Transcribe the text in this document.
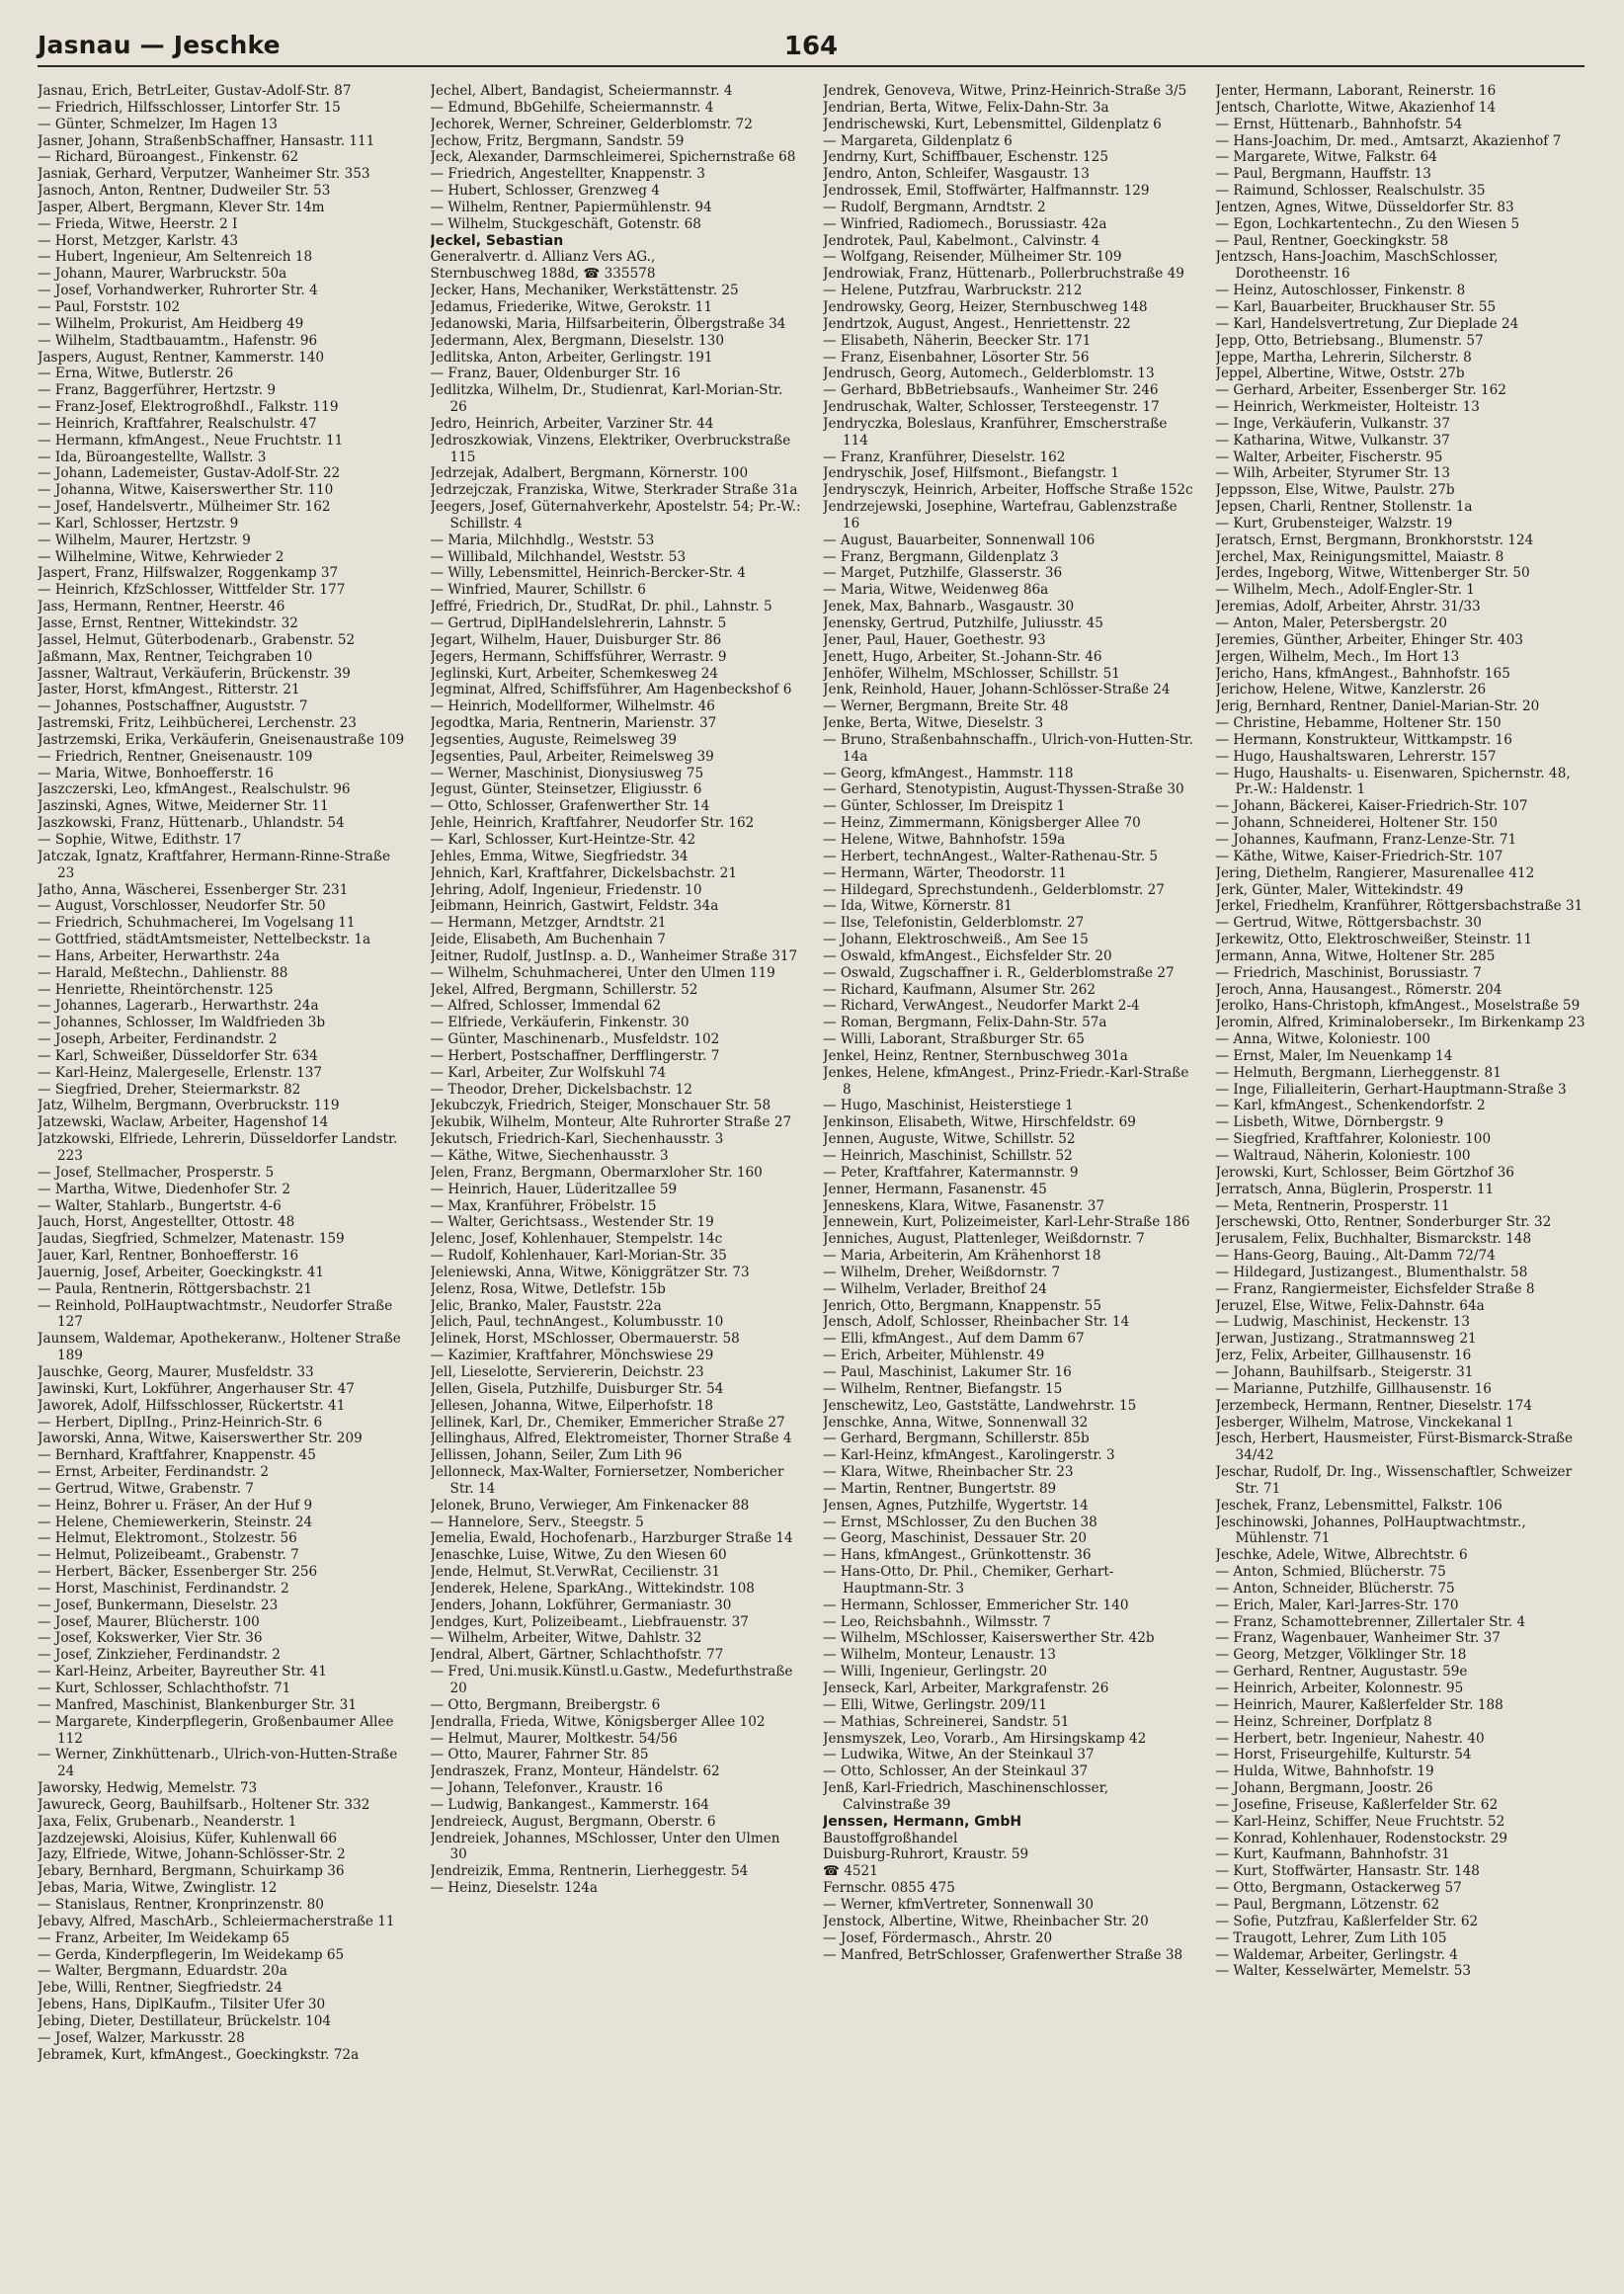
Jasnau — Jeschke	164
Jasnau, Erich, BetrLeiter, Gustav-Adolf-Str. 87
— Friedrich, Hilfsschlosser, Lintorfer Str. 15
— Günter, Schmelzer, Im Hagen 13
Jasner, Johann, StraßenbSchaffner, Hansastr. 111
— Richard, Büroangest., Finkenstr. 62
Jasniak, Gerhard, Verputzer, Wanheimer Str. 353
Jasnoch, Anton, Rentner, Dudweiler Str. 53
Jasper, Albert, Bergmann, Klever Str. 14m
— Frieda, Witwe, Heerstr. 2 I
— Horst, Metzger, Karlstr. 43
— Hubert, Ingenieur, Am Seltenreich 18
— Johann, Maurer, Warbruckstr. 50a
— Josef, Vorhandwerker, Ruhrorter Str. 4
— Paul, Forststr. 102
— Wilhelm, Prokurist, Am Heidberg 49
— Wilhelm, Stadtbauamtm., Hafenstr. 96
Jaspers, August, Rentner, Kammerstr. 140
— Erna, Witwe, Butlerstr. 26
— Franz, Baggerführer, Hertzstr. 9
— Franz-Josef, ElektrogroßhdI., Falkstr. 119
— Heinrich, Kraftfahrer, Realschulstr. 47
— Hermann, kfmAngest., Neue Fruchtstr. 11
— Ida, Büroangestellte, Wallstr. 3
— Johann, Lademeister, Gustav-Adolf-Str. 22
— Johanna, Witwe, Kaiserswerther Str. 110
— Josef, Handelsvertr., Mülheimer Str. 162
— Karl, Schlosser, Hertzstr. 9
— Wilhelm, Maurer, Hertzstr. 9
— Wilhelmine, Witwe, Kehrwieder 2
Jaspert, Franz, Hilfswalzer, Roggenkamp 37
— Heinrich, KfzSchlosser, Wittfelder Str. 177
Jass, Hermann, Rentner, Heerstr. 46
Jasse, Ernst, Rentner, Wittekindstr. 32
Jassel, Helmut, Güterbodenarb., Grabenstr. 52
Jaßmann, Max, Rentner, Teichgraben 10
Jassner, Waltraut, Verkäuferin, Brückenstr. 39
Jaster, Horst, kfmAngest., Ritterstr. 21
— Johannes, Postschaffner, Auguststr. 7
Jastremski, Fritz, Leihbücherei, Lerchenstr. 23
Jastrzemski, Erika, Verkäuferin, Gneisenaustraße 109
— Friedrich, Rentner, Gneisenaustr. 109
— Maria, Witwe, Bonhoefferstr. 16
Jaszczerski, Leo, kfmAngest., Realschulstr. 96
Jaszinski, Agnes, Witwe, Meiderner Str. 11
Jaszkowski, Franz, Hüttenarb., Uhlandstr. 54
— Sophie, Witwe, Edithstr. 17
Jatczak, Ignatz, Kraftfahrer, Hermann-Rinne-Straße 23
Jatho, Anna, Wäscherei, Essenberger Str. 231
— August, Vorschlosser, Neudorfer Str. 50
— Friedrich, Schuhmacherei, Im Vogelsang 11
— Gottfried, städtAmtsmeister, Nettelbeckstr. 1a
— Hans, Arbeiter, Herwarthstr. 24a
— Harald, Meßtechn., Dahlienstr. 88
— Henriette, Rheintörchenstr. 125
— Johannes, Lagerarb., Herwarthstr. 24a
— Johannes, Schlosser, Im Waldfrieden 3b
— Joseph, Arbeiter, Ferdinandstr. 2
— Karl, Schweißer, Düsseldorfer Str. 634
— Karl-Heinz, Malergeselle, Erlenstr. 137
— Siegfried, Dreher, Steiermarkstr. 82
Jatz, Wilhelm, Bergmann, Overbruckstr. 119
Jatzewski, Waclaw, Arbeiter, Hagenshof 14
Jatzkowski, Elfriede, Lehrerin, Düsseldorfer Landstr. 223
— Josef, Stellmacher, Prosperstr. 5
— Martha, Witwe, Diedenhofer Str. 2
— Walter, Stahlarb., Bungertstr. 4-6
Jauch, Horst, Angestellter, Ottostr. 48
Jaudas, Siegfried, Schmelzer, Matenastr. 159
Jauer, Karl, Rentner, Bonhoefferstr. 16
Jauernig, Josef, Arbeiter, Goeckingkstr. 41
— Paula, Rentnerin, Röttgersbachstr. 21
— Reinhold, PolHauptwachtmstr., Neudorfer Straße 127
Jaunsem, Waldemar, Apothekeranw., Holtener Straße 189
Jauschke, Georg, Maurer, Musfeldstr. 33
Jawinski, Kurt, Lokführer, Angerhauser Str. 47
Jaworek, Adolf, Hilfsschlosser, Rückertstr. 41
— Herbert, DiplIng., Prinz-Heinrich-Str. 6
Jaworski, Anna, Witwe, Kaiserswerther Str. 209
— Bernhard, Kraftfahrer, Knappenstr. 45
— Ernst, Arbeiter, Ferdinandstr. 2
— Gertrud, Witwe, Grabenstr. 7
— Heinz, Bohrer u. Fräser, An der Huf 9
— Helene, Chemiewerkerin, Steinstr. 24
— Helmut, Elektromont., Stolzestr. 56
— Helmut, Polizeibeamt., Grabenstr. 7
— Herbert, Bäcker, Essenberger Str. 256
— Horst, Maschinist, Ferdinandstr. 2
— Josef, Bunkermann, Dieselstr. 23
— Josef, Maurer, Blücherstr. 100
— Josef, Kokswerker, Vier Str. 36
— Josef, Zinkzieher, Ferdinandstr. 2
— Karl-Heinz, Arbeiter, Bayreuther Str. 41
— Kurt, Schlosser, Schlachthofstr. 71
— Manfred, Maschinist, Blankenburger Str. 31
— Margarete, Kinderpflegerin, Großenbaumer Allee 112
— Werner, Zinkhüttenarb., Ulrich-von-Hutten-Straße 24
Jaworsky, Hedwig, Memelstr. 73
Jawureck, Georg, Bauhilfsarb., Holtener Str. 332
Jaxa, Felix, Grubenarb., Neanderstr. 1
Jazdzejewski, Aloisius, Küfer, Kuhlenwall 66
Jazy, Elfriede, Witwe, Johann-Schlösser-Str. 2
Jebary, Bernhard, Bergmann, Schuirkamp 36
Jebas, Maria, Witwe, Zwinglistr. 12
— Stanislaus, Rentner, Kronprinzenstr. 80
Jebavy, Alfred, MaschArb., Schleiermacherstraße 11
— Franz, Arbeiter, Im Weidekamp 65
— Gerda, Kinderpflegerin, Im Weidekamp 65
— Walter, Bergmann, Eduardstr. 20a
Jebe, Willi, Rentner, Siegfriedstr. 24
Jebens, Hans, DiplKaufm., Tilsiter Ufer 30
Jebing, Dieter, Destillateur, Brückelstr. 104
— Josef, Walzer, Markusstr. 28
Jebramek, Kurt, kfmAngest., Goeckingkstr. 72a
Jechel, Albert, Bandagist, Scheiermannstr. 4
— Edmund, BbGehilfe, Scheiermannstr. 4
Jechorek, Werner, Schreiner, Gelderblomstr. 72
Jechow, Fritz, Bergmann, Sandstr. 59
Jeck, Alexander, Darmschleimerei, Spichernstraße 68
— Friedrich, Angestellter, Knappenstr. 3
— Hubert, Schlosser, Grenzweg 4
— Wilhelm, Rentner, Papiermühlenstr. 94
— Wilhelm, Stuckgeschäft, Gotenstr. 68
Jeckel, Sebastian
Generalvertr. d. Allianz Vers AG.,
Sternbuschweg 188d, ☎ 335578
Jecker, Hans, Mechaniker, Werkstättenstr. 25
Jedamus, Friederike, Witwe, Gerokstr. 11
Jedanowski, Maria, Hilfsarbeiterin, Ölbergstraße 34
Jedermann, Alex, Bergmann, Dieselstr. 130
Jedlitska, Anton, Arbeiter, Gerlingstr. 191
— Franz, Bauer, Oldenburger Str. 16
Jedlitzka, Wilhelm, Dr., Studienrat, Karl-Morian-Str. 26
Jedro, Heinrich, Arbeiter, Varziner Str. 44
Jedroszkowiak, Vinzens, Elektriker, Overbruckstraße 115
Jedrzejak, Adalbert, Bergmann, Körnerstr. 100
Jedrzejczak, Franziska, Witwe, Sterkrader Straße 31a
Jeegers, Josef, Güternahverkehr, Apostelstr. 54; Pr.-W.: Schillstr. 4
— Maria, Milchhdlg., Weststr. 53
— Willibald, Milchhandel, Weststr. 53
— Willy, Lebensmittel, Heinrich-Bercker-Str. 4
— Winfried, Maurer, Schillstr. 6
Jeffré, Friedrich, Dr., StudRat, Dr. phil., Lahnstr. 5
— Gertrud, DiplHandelslehrerin, Lahnstr. 5
Jegart, Wilhelm, Hauer, Duisburger Str. 86
Jegers, Hermann, Schiffsführer, Werrastr. 9
Jeglinski, Kurt, Arbeiter, Schemkesweg 24
Jegminat, Alfred, Schiffsführer, Am Hagenbeckshof 6
— Heinrich, Modellformer, Wilhelmstr. 46
Jegodtka, Maria, Rentnerin, Marienstr. 37
Jegsenties, Auguste, Reimelsweg 39
Jegsenties, Paul, Arbeiter, Reimelsweg 39
— Werner, Maschinist, Dionysiusweg 75
Jegust, Günter, Steinsetzer, Eligiusstr. 6
— Otto, Schlosser, Grafenwerther Str. 14
Jehle, Heinrich, Kraftfahrer, Neudorfer Str. 162
— Karl, Schlosser, Kurt-Heintze-Str. 42
Jehles, Emma, Witwe, Siegfriedstr. 34
Jehnich, Karl, Kraftfahrer, Dickelsbachstr. 21
Jehring, Adolf, Ingenieur, Friedenstr. 10
Jeibmann, Heinrich, Gastwirt, Feldstr. 34a
— Hermann, Metzger, Arndtstr. 21
Jeide, Elisabeth, Am Buchenhain 7
Jeitner, Rudolf, JustInsp. a. D., Wanheimer Straße 317
— Wilhelm, Schuhmacherei, Unter den Ulmen 119
Jekel, Alfred, Bergmann, Schillerstr. 52
— Alfred, Schlosser, Immendal 62
— Elfriede, Verkäuferin, Finkenstr. 30
— Günter, Maschinenarb., Musfeldstr. 102
— Herbert, Postschaffner, Derfflingerstr. 7
— Karl, Arbeiter, Zur Wolfskuhl 74
— Theodor, Dreher, Dickelsbachstr. 12
Jekubczyk, Friedrich, Steiger, Monschauer Str. 58
Jekubik, Wilhelm, Monteur, Alte Ruhrorter Straße 27
Jekutsch, Friedrich-Karl, Siechenhausstr. 3
— Käthe, Witwe, Siechenhausstr. 3
Jelen, Franz, Bergmann, Obermarxloher Str. 160
— Heinrich, Hauer, Lüderitzallee 59
— Max, Kranführer, Fröbelstr. 15
— Walter, Gerichtsass., Westender Str. 19
Jelenc, Josef, Kohlenhauer, Stempelstr. 14c
— Rudolf, Kohlenhauer, Karl-Morian-Str. 35
Jeleniewski, Anna, Witwe, Königgrätzer Str. 73
Jelenz, Rosa, Witwe, Detlefstr. 15b
Jelic, Branko, Maler, Fauststr. 22a
Jelich, Paul, technAngest., Kolumbusstr. 10
Jelinek, Horst, MSchlosser, Obermauerstr. 58
— Kazimier, Kraftfahrer, Mönchswiese 29
Jell, Lieselotte, Serviererin, Deichstr. 23
Jellen, Gisela, Putzhilfe, Duisburger Str. 54
Jellesen, Johanna, Witwe, Eilperhofstr. 18
Jellinek, Karl, Dr., Chemiker, Emmericher Straße 27
Jellinghaus, Alfred, Elektromeister, Thorner Straße 4
Jellissen, Johann, Seiler, Zum Lith 96
Jellonneck, Max-Walter, Forniersetzer, Nombericher Str. 14
Jelonek, Bruno, Verwieger, Am Finkenacker 88
— Hannelore, Serv., Steegstr. 5
Jemelia, Ewald, Hochofenarb., Harzburger Straße 14
Jenaschke, Luise, Witwe, Zu den Wiesen 60
Jende, Helmut, St.VerwRat, Cecilienstr. 31
Jenderek, Helene, SparkAng., Wittekindstr. 108
Jenders, Johann, Lokführer, Germaniastr. 30
Jendges, Kurt, Polizeibeamt., Liebfrauenstr. 37
— Wilhelm, Arbeiter, Witwe, Dahlstr. 32
Jendral, Albert, Gärtner, Schlachthofstr. 77
— Fred, Uni.musik.Künstl.u.Gastw., Medefurthstraße 20
— Otto, Bergmann, Breibergstr. 6
Jendralla, Frieda, Witwe, Königsberger Allee 102
— Helmut, Maurer, Moltkestr. 54/56
— Otto, Maurer, Fahrner Str. 85
Jendraszek, Franz, Monteur, Händelstr. 62
— Johann, Telefonver., Kraustr. 16
— Ludwig, Bankangest., Kammerstr. 164
Jendreieck, August, Bergmann, Oberstr. 6
Jendreiek, Johannes, MSchlosser, Unter den Ulmen 30
Jendreizik, Emma, Rentnerin, Lierheggestr. 54
— Heinz, Dieselstr. 124a
Jendrek, Genoveva, Witwe, Prinz-Heinrich-Straße 3/5
Jendrian, Berta, Witwe, Felix-Dahn-Str. 3a
Jendrischewski, Kurt, Lebensmittel, Gildenplatz 6
— Margareta, Gildenplatz 6
Jendrny, Kurt, Schiffbauer, Eschenstr. 125
Jendro, Anton, Schleifer, Wasgaustr. 13
Jendrossek, Emil, Stoffwärter, Halfmannstr. 129
— Rudolf, Bergmann, Arndtstr. 2
— Winfried, Radiomech., Borussiastr. 42a
Jendrotek, Paul, Kabelmont., Calvinstr. 4
— Wolfgang, Reisender, Mülheimer Str. 109
Jendrowiak, Franz, Hüttenarb., Pollerbruchstraße 49
— Helene, Putzfrau, Warbruckstr. 212
Jendrowsky, Georg, Heizer, Sternbuschweg 148
Jendrtzok, August, Angest., Henriettenstr. 22
— Elisabeth, Näherin, Beecker Str. 171
— Franz, Eisenbahner, Lösorter Str. 56
Jendrusch, Georg, Automech., Gelderblomstr. 13
— Gerhard, BbBetriebsaufs., Wanheimer Str. 246
Jendruschak, Walter, Schlosser, Tersteegenstr. 17
Jendryczka, Boleslaus, Kranführer, Emscherstraße 114
— Franz, Kranführer, Dieselstr. 162
Jendryschik, Josef, Hilfsmont., Biefangstr. 1
Jendrysczyk, Heinrich, Arbeiter, Hoffsche Straße 152c
Jendrzejewski, Josephine, Wartefrau, Gablenzstraße 16
— August, Bauarbeiter, Sonnenwall 106
— Franz, Bergmann, Gildenplatz 3
— Marget, Putzhilfe, Glasserstr. 36
— Maria, Witwe, Weidenweg 86a
Jenek, Max, Bahnarb., Wasgaustr. 30
Jenensky, Gertrud, Putzhilfe, Juliusstr. 45
Jener, Paul, Hauer, Goethestr. 93
Jenett, Hugo, Arbeiter, St.-Johann-Str. 46
Jenhöfer, Wilhelm, MSchlosser, Schillstr. 51
Jenk, Reinhold, Hauer, Johann-Schlösser-Straße 24
— Werner, Bergmann, Breite Str. 48
Jenke, Berta, Witwe, Dieselstr. 3
— Bruno, Straßenbahnschaffn., Ulrich-von-Hutten-Str. 14a
— Georg, kfmAngest., Hammstr. 118
— Gerhard, Stenotypistin, August-Thyssen-Straße 30
— Günter, Schlosser, Im Dreispitz 1
— Heinz, Zimmermann, Königsberger Allee 70
— Helene, Witwe, Bahnhofstr. 159a
— Herbert, technAngest., Walter-Rathenau-Str. 5
— Hermann, Wärter, Theodorstr. 11
— Hildegard, Sprechstundenh., Gelderblomstr. 27
— Ida, Witwe, Körnerstr. 81
— Ilse, Telefonistin, Gelderblomstr. 27
— Johann, Elektroschweiß., Am See 15
— Oswald, kfmAngest., Eichsfelder Str. 20
— Oswald, Zugschaffner i. R., Gelderblomstraße 27
— Richard, Kaufmann, Alsumer Str. 262
— Richard, VerwAngest., Neudorfer Markt 2-4
— Roman, Bergmann, Felix-Dahn-Str. 57a
— Willi, Laborant, Straßburger Str. 65
Jenkel, Heinz, Rentner, Sternbuschweg 301a
Jenkes, Helene, kfmAngest., Prinz-Friedr.-Karl-Straße 8
— Hugo, Maschinist, Heisterstiege 1
Jenkinson, Elisabeth, Witwe, Hirschfeldstr. 69
Jennen, Auguste, Witwe, Schillstr. 52
— Heinrich, Maschinist, Schillstr. 52
— Peter, Kraftfahrer, Katermannstr. 9
Jenner, Hermann, Fasanenstr. 45
Jenneskens, Klara, Witwe, Fasanenstr. 37
Jennewein, Kurt, Polizeimeister, Karl-Lehr-Straße 186
Jenniches, August, Plattenleger, Weißdornstr. 7
— Maria, Arbeiterin, Am Krähenhorst 18
— Wilhelm, Dreher, Weißdornstr. 7
— Wilhelm, Verlader, Breithof 24
Jenrich, Otto, Bergmann, Knappenstr. 55
Jensch, Adolf, Schlosser, Rheinbacher Str. 14
— Elli, kfmAngest., Auf dem Damm 67
— Erich, Arbeiter, Mühlenstr. 49
— Paul, Maschinist, Lakumer Str. 16
— Wilhelm, Rentner, Biefangstr. 15
Jenschewitz, Leo, Gaststätte, Landwehrstr. 15
Jenschke, Anna, Witwe, Sonnenwall 32
— Gerhard, Bergmann, Schillerstr. 85b
— Karl-Heinz, kfmAngest., Karolingerstr. 3
— Klara, Witwe, Rheinbacher Str. 23
— Martin, Rentner, Bungertstr. 89
Jensen, Agnes, Putzhilfe, Wygertstr. 14
— Ernst, MSchlosser, Zu den Buchen 38
— Georg, Maschinist, Dessauer Str. 20
— Hans, kfmAngest., Grünkottenstr. 36
— Hans-Otto, Dr. Phil., Chemiker, Gerhart-Hauptmann-Str. 3
— Hermann, Schlosser, Emmericher Str. 140
— Leo, Reichsbahnh., Wilmsstr. 7
— Wilhelm, MSchlosser, Kaiserswerther Str. 42b
— Wilhelm, Monteur, Lenaustr. 13
— Willi, Ingenieur, Gerlingstr. 20
Jenseck, Karl, Arbeiter, Markgrafenstr. 26
— Elli, Witwe, Gerlingstr. 209/11
— Mathias, Schreinerei, Sandstr. 51
Jensmyszek, Leo, Vorarb., Am Hirsingskamp 42
— Ludwika, Witwe, An der Steinkaul 37
— Otto, Schlosser, An der Steinkaul 37
Jenß, Karl-Friedrich, Maschinenschlosser, Calvinstraße 39
Jenssen, Hermann, GmbH
Baustoffgroßhandel
Duisburg-Ruhrort, Kraustr. 59
☎ 4521
Fernschr. 0855 475
— Werner, kfmVertreter, Sonnenwall 30
Jenstock, Albertine, Witwe, Rheinbacher Str. 20
— Josef, Fördermasch., Ahrstr. 20
— Manfred, BetrSchlosser, Grafenwerther Straße 38
Jenter, Hermann, Laborant, Reinerstr. 16
Jentsch, Charlotte, Witwe, Akazienhof 14
— Ernst, Hüttenarb., Bahnhofstr. 54
— Hans-Joachim, Dr. med., Amtsarzt, Akazienhof 7
— Margarete, Witwe, Falkstr. 64
— Paul, Bergmann, Hauffstr. 13
— Raimund, Schlosser, Realschulstr. 35
Jentzen, Agnes, Witwe, Düsseldorfer Str. 83
— Egon, Lochkartentechn., Zu den Wiesen 5
— Paul, Rentner, Goeckingkstr. 58
Jentzsch, Hans-Joachim, MaschSchlosser, Dorotheenstr. 16
— Heinz, Autoschlosser, Finkenstr. 8
— Karl, Bauarbeiter, Bruckhauser Str. 55
— Karl, Handelsvertretung, Zur Dieplade 24
Jepp, Otto, Betriebsang., Blumenstr. 57
Jeppe, Martha, Lehrerin, Silcherstr. 8
Jeppel, Albertine, Witwe, Oststr. 27b
— Gerhard, Arbeiter, Essenberger Str. 162
— Heinrich, Werkmeister, Holteistr. 13
— Inge, Verkäuferin, Vulkanstr. 37
— Katharina, Witwe, Vulkanstr. 37
— Walter, Arbeiter, Fischerstr. 95
— Wilh, Arbeiter, Styrumer Str. 13
Jeppsson, Else, Witwe, Paulstr. 27b
Jepsen, Charli, Rentner, Stollenstr. 1a
— Kurt, Grubensteiger, Walzstr. 19
Jeratsch, Ernst, Bergmann, Bronkhorststr. 124
Jerchel, Max, Reinigungsmittel, Maiastr. 8
Jerdes, Ingeborg, Witwe, Wittenberger Str. 50
— Wilhelm, Mech., Adolf-Engler-Str. 1
Jeremias, Adolf, Arbeiter, Ahrstr. 31/33
— Anton, Maler, Petersbergstr. 20
Jeremies, Günther, Arbeiter, Ehinger Str. 403
Jergen, Wilhelm, Mech., Im Hort 13
Jericho, Hans, kfmAngest., Bahnhofstr. 165
Jerichow, Helene, Witwe, Kanzlerstr. 26
Jerig, Bernhard, Rentner, Daniel-Marian-Str. 20
— Christine, Hebamme, Holtener Str. 150
— Hermann, Konstrukteur, Wittkampstr. 16
— Hugo, Haushaltswaren, Lehrerstr. 157
— Hugo, Haushalts- u. Eisenwaren, Spichernstr. 48, Pr.-W.: Haldenstr. 1
— Johann, Bäckerei, Kaiser-Friedrich-Str. 107
— Johann, Schneiderei, Holtener Str. 150
— Johannes, Kaufmann, Franz-Lenze-Str. 71
— Käthe, Witwe, Kaiser-Friedrich-Str. 107
Jering, Diethelm, Rangierer, Masurenallee 412
Jerk, Günter, Maler, Wittekindstr. 49
Jerkel, Friedhelm, Kranführer, Röttgersbachstraße 31
— Gertrud, Witwe, Röttgersbachstr. 30
Jerkewitz, Otto, Elektroschweißer, Steinstr. 11
Jermann, Anna, Witwe, Holtener Str. 285
— Friedrich, Maschinist, Borussiastr. 7
Jeroch, Anna, Hausangest., Römerstr. 204
Jerolko, Hans-Christoph, kfmAngest., Moselstraße 59
Jeromin, Alfred, Kriminalobersekr., Im Birkenkamp 23
— Anna, Witwe, Koloniestr. 100
— Ernst, Maler, Im Neuenkamp 14
— Helmuth, Bergmann, Lierheggenstr. 81
— Inge, Filialleiterin, Gerhart-Hauptmann-Straße 3
— Karl, kfmAngest., Schenkendorfstr. 2
— Lisbeth, Witwe, Dörnbergstr. 9
— Siegfried, Kraftfahrer, Koloniestr. 100
— Waltraud, Näherin, Koloniestr. 100
Jerowski, Kurt, Schlosser, Beim Görtzhof 36
Jerratsch, Anna, Büglerin, Prosperstr. 11
— Meta, Rentnerin, Prosperstr. 11
Jerschewski, Otto, Rentner, Sonderburger Str. 32
Jerusalem, Felix, Buchhalter, Bismarckstr. 148
— Hans-Georg, Bauing., Alt-Damm 72/74
— Hildegard, Justizangest., Blumenthalstr. 58
— Franz, Rangiermeister, Eichsfelder Straße 8
Jeruzel, Else, Witwe, Felix-Dahnstr. 64a
— Ludwig, Maschinist, Heckenstr. 13
Jerwan, Justizang., Stratmannsweg 21
Jerz, Felix, Arbeiter, Gillhausenstr. 16
— Johann, Bauhilfsarb., Steigerstr. 31
— Marianne, Putzhilfe, Gillhausenstr. 16
Jerzembeck, Hermann, Rentner, Dieselstr. 174
Jesberger, Wilhelm, Matrose, Vinckekanal 1
Jesch, Herbert, Hausmeister, Fürst-Bismarck-Straße 34/42
Jeschar, Rudolf, Dr. Ing., Wissenschaftler, Schweizer Str. 71
Jeschek, Franz, Lebensmittel, Falkstr. 106
Jeschinowski, Johannes, PolHauptwachtmstr., Mühlenstr. 71
Jeschke, Adele, Witwe, Albrechtstr. 6
— Anton, Schmied, Blücherstr. 75
— Anton, Schneider, Blücherstr. 75
— Erich, Maler, Karl-Jarres-Str. 170
— Franz, Schamottebrenner, Zillertaler Str. 4
— Franz, Wagenbauer, Wanheimer Str. 37
— Georg, Metzger, Völklinger Str. 18
— Gerhard, Rentner, Augustastr. 59e
— Heinrich, Arbeiter, Kolonnestr. 95
— Heinrich, Maurer, Kaßlerfelder Str. 188
— Heinz, Schreiner, Dorfplatz 8
— Herbert, betr. Ingenieur, Nahestr. 40
— Horst, Friseurgehilfe, Kulturstr. 54
— Hulda, Witwe, Bahnhofstr. 19
— Johann, Bergmann, Joostr. 26
— Josefine, Friseuse, Kaßlerfelder Str. 62
— Karl-Heinz, Schiffer, Neue Fruchtstr. 52
— Konrad, Kohlenhauer, Rodenstockstr. 29
— Kurt, Kaufmann, Bahnhofstr. 31
— Kurt, Stoffwärter, Hansastr. Str. 148
— Otto, Bergmann, Ostackerweg 57
— Paul, Bergmann, Lötzenstr. 62
— Sofie, Putzfrau, Kaßlerfelder Str. 62
— Traugott, Lehrer, Zum Lith 105
— Waldemar, Arbeiter, Gerlingstr. 4
— Walter, Kesselwärter, Memelstr. 53
